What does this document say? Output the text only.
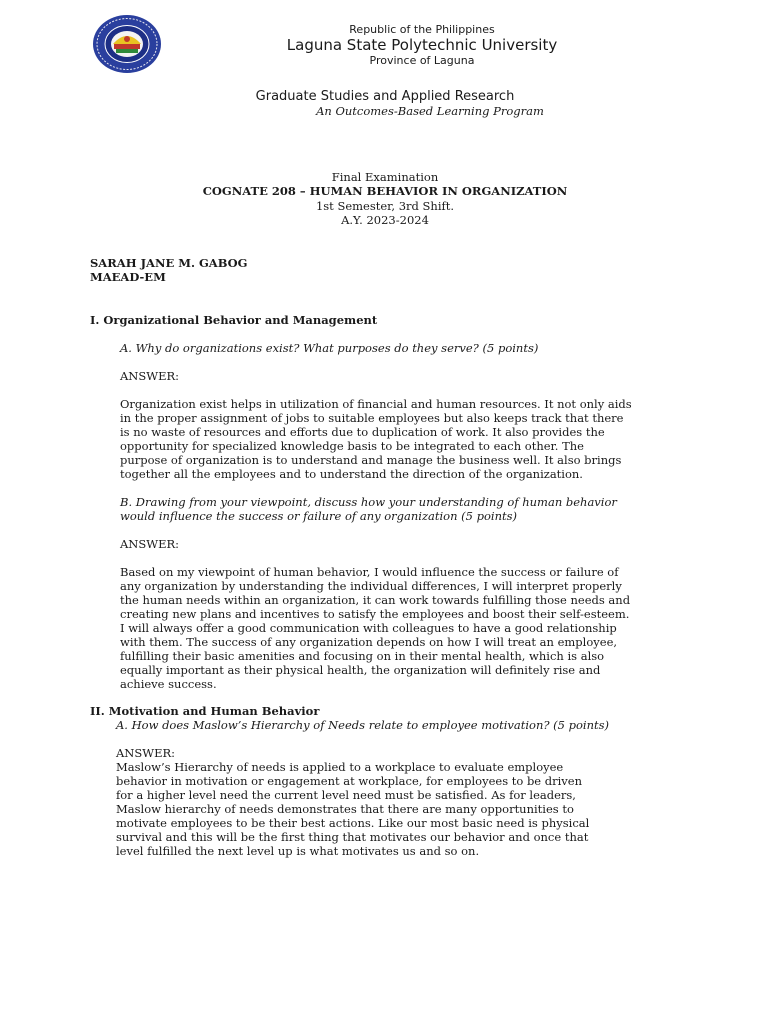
Republic of the Philippines
Laguna State Polytechnic University
Province of Laguna
Graduate Studies and Applied Research
An Outcomes-Based Learning Program
Final Examination
COGNATE 208 – HUMAN BEHAVIOR IN ORGANIZATION
1st Semester, 3rd Shift.
A.Y. 2023-2024
SARAH JANE M. GABOG
MAEAD-EM
I. Organizational Behavior and Management
A. Why do organizations exist? What purposes do they serve? (5 points)
ANSWER:
Organization exist helps in utilization of financial and human resources. It not only aids
in the proper assignment of jobs to suitable employees but also keeps track that there
is no waste of resources and efforts due to duplication of work. It also provides the
opportunity for specialized knowledge basis to be integrated to each other. The
purpose of organization is to understand and manage the business well. It also brings
together all the employees and to understand the direction of the organization.
B. Drawing from your viewpoint, discuss how your understanding of human behavior
would influence the success or failure of any organization (5 points)
ANSWER:
Based on my viewpoint of human behavior, I would influence the success or failure of
any organization by understanding the individual differences, I will interpret properly
the human needs within an organization, it can work towards fulfilling those needs and
creating new plans and incentives to satisfy the employees and boost their self-esteem.
I will always offer a good communication with colleagues to have a good relationship
with them. The success of any organization depends on how I will treat an employee,
fulfilling their basic amenities and focusing on in their mental health, which is also
equally important as their physical health, the organization will definitely rise and
achieve success.
II. Motivation and Human Behavior
A. How does Maslow’s Hierarchy of Needs relate to employee motivation? (5 points)
ANSWER:
Maslow’s Hierarchy of needs is applied to a workplace to evaluate employee
behavior in motivation or engagement at workplace, for employees to be driven
for a higher level need the current level need must be satisfied. As for leaders,
Maslow hierarchy of needs demonstrates that there are many opportunities to
motivate employees to be their best actions. Like our most basic need is physical
survival and this will be the first thing that motivates our behavior and once that
level fulfilled the next level up is what motivates us and so on.
